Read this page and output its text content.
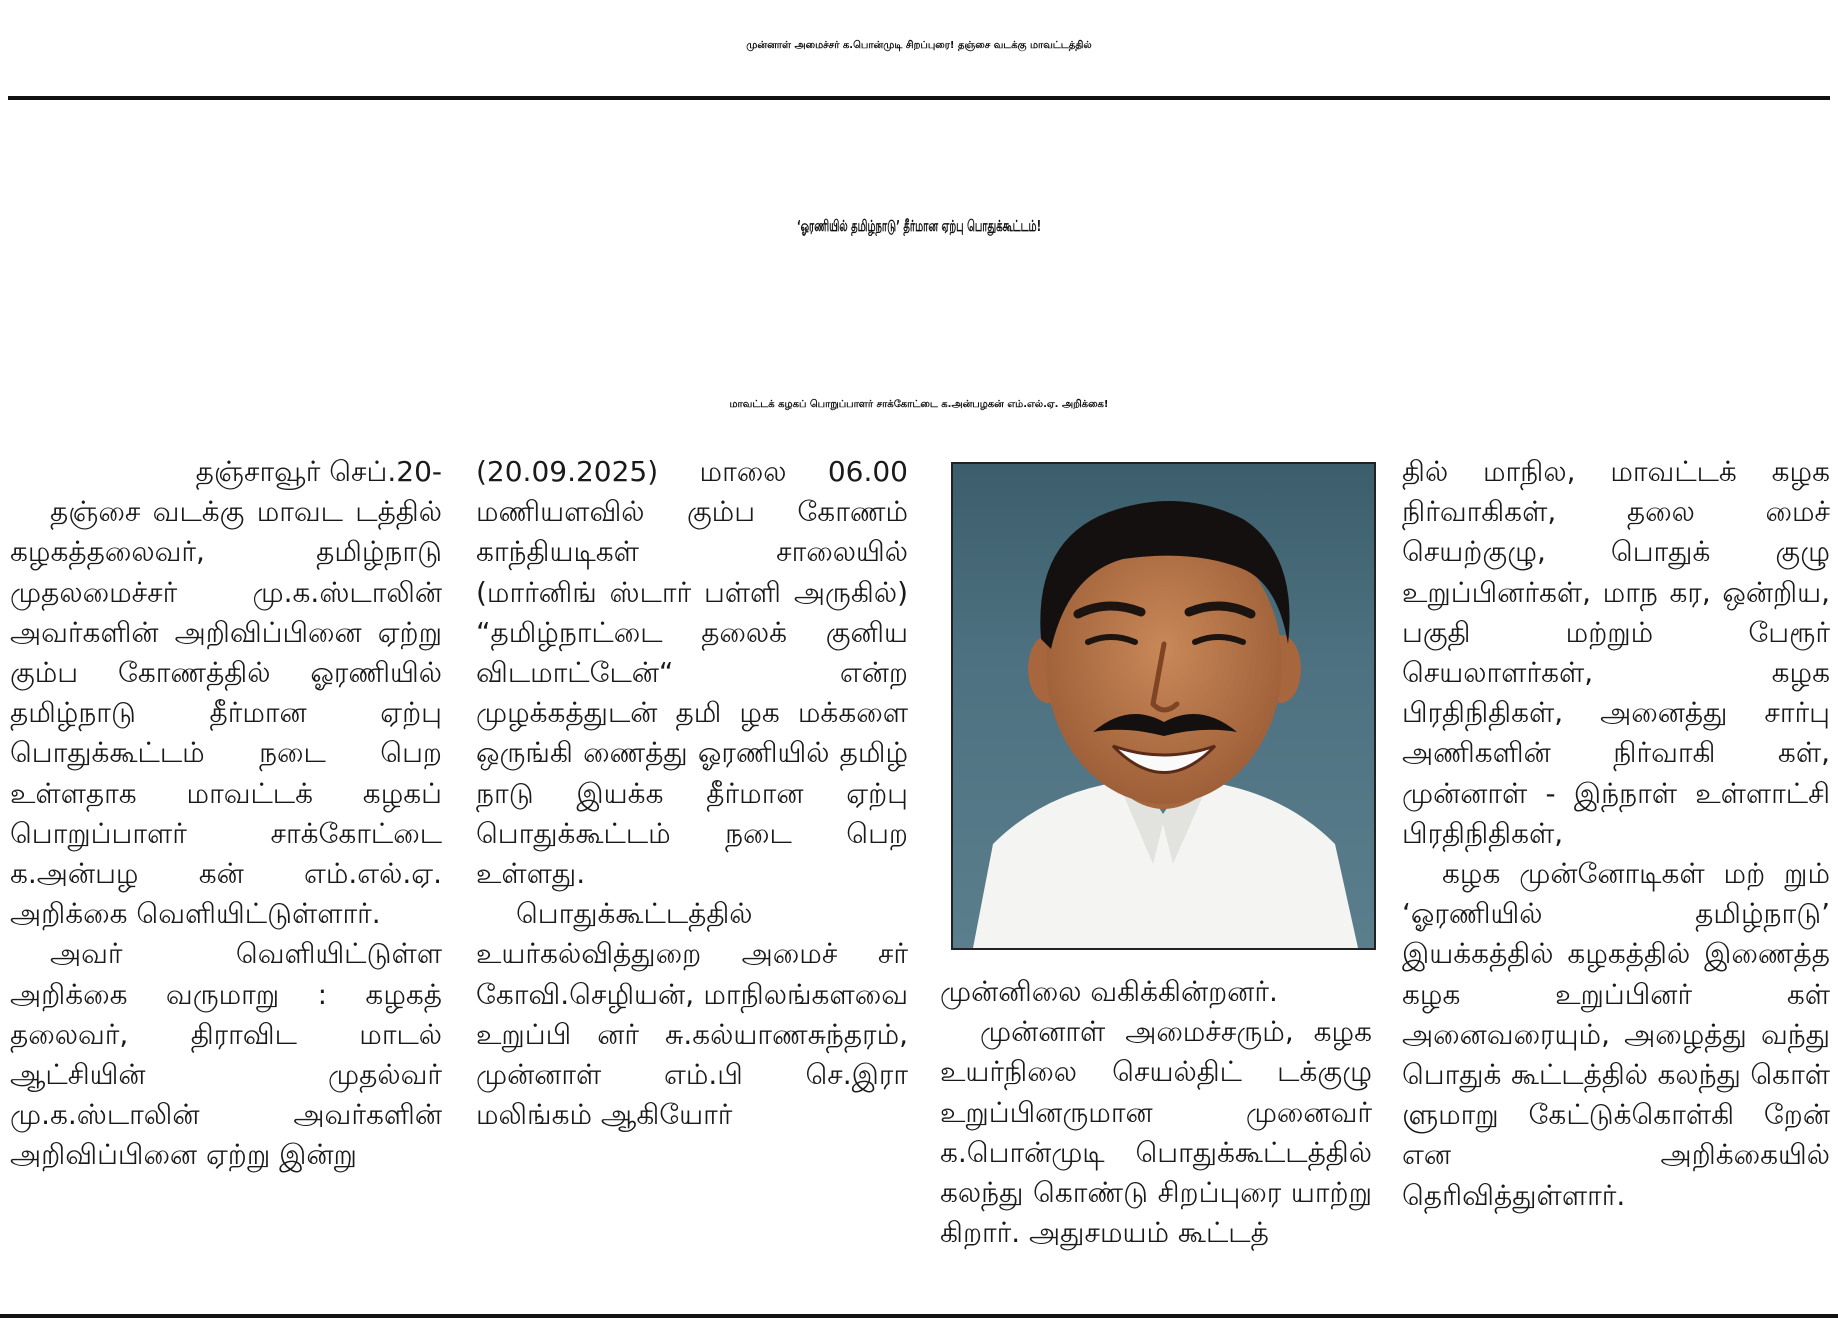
முன்னாள் அமைச்சர் க.பொன்முடி சிறப்புரை! தஞ்சை வடக்கு மாவட்டத்தில்
‘ஓரணியில் தமிழ்நாடு’ தீர்மான ஏற்பு பொதுக்கூட்டம்!
மாவட்டக் கழகப் பொறுப்பாளர் சாக்கோட்டை க.அன்பழகன் எம்.எல்.ஏ. அறிக்கை!

தஞ்சாவூர் செப்.20-

தஞ்சை வடக்கு மாவட டத்தில் கழகத்தலைவர், தமிழ்நாடு முதலமைச்சர் மு.க.ஸ்டாலின் அவர்களின் அறிவிப்பினை ஏற்று கும்ப கோணத்தில் ஓரணியில் தமிழ்நாடு தீர்மான ஏற்பு பொதுக்கூட்டம் நடை பெற உள்ளதாக மாவட்டக் கழகப் பொறுப்பாளர் சாக்கோட்டை க.அன்பழ கன் எம்.எல்.ஏ. அறிக்கை வெளியிட்டுள்ளார்.

அவர் வெளியிட்டுள்ள அறிக்கை வருமாறு : கழகத் தலைவர், திராவிட மாடல் ஆட்சியின் முதல்வர் மு.க.ஸ்டாலின் அவர்களின் அறிவிப்பினை ஏற்று இன்று

(20.09.2025) மாலை 06.00 மணியளவில் கும்ப கோணம் காந்தியடிகள் சாலையில் (மார்னிங் ஸ்டார் பள்ளி அருகில்) “தமிழ்நாட்டை தலைக் குனிய விடமாட்டேன்“ என்ற முழக்கத்துடன் தமி ழக மக்களை ஒருங்கி ணைத்து ஓரணியில் தமிழ் நாடு இயக்க தீர்மான ஏற்பு பொதுக்கூட்டம் நடை பெற உள்ளது.

பொதுக்கூட்டத்தில் உயர்கல்வித்துறை அமைச் சர் கோவி.செழியன், மாநிலங்களவை உறுப்பி னர் சு.கல்யாணசுந்தரம், முன்னாள் எம்.பி செ.இரா மலிங்கம் ஆகியோர்

முன்னிலை வகிக்கின்றனர்.

முன்னாள் அமைச்சரும், கழக உயர்நிலை செயல்திட் டக்குழு உறுப்பினருமான முனைவர் க.பொன்முடி பொதுக்கூட்டத்தில் கலந்து கொண்டு சிறப்புரை யாற்று கிறார். அதுசமயம் கூட்டத்

தில் மாநில, மாவட்டக் கழக நிர்வாகிகள், தலை மைச் செயற்குழு, பொதுக் குழு உறுப்பினர்கள், மாந கர, ஒன்றிய, பகுதி மற்றும் பேரூர் செயலாளர்கள், கழக பிரதிநிதிகள், அனைத்து சார்பு அணிகளின் நிர்வாகி கள், முன்னாள் - இந்நாள் உள்ளாட்சி பிரதிநிதிகள்,

கழக முன்னோடிகள் மற் றும் ‘ஓரணியில் தமிழ்நாடு’ இயக்கத்தில் கழகத்தில் இணைத்த கழக உறுப்பினர் கள் அனைவரையும், அழைத்து வந்து பொதுக் கூட்டத்தில் கலந்து கொள் ளுமாறு கேட்டுக்கொள்கி றேன் என அறிக்கையில் தெரிவித்துள்ளார்.
